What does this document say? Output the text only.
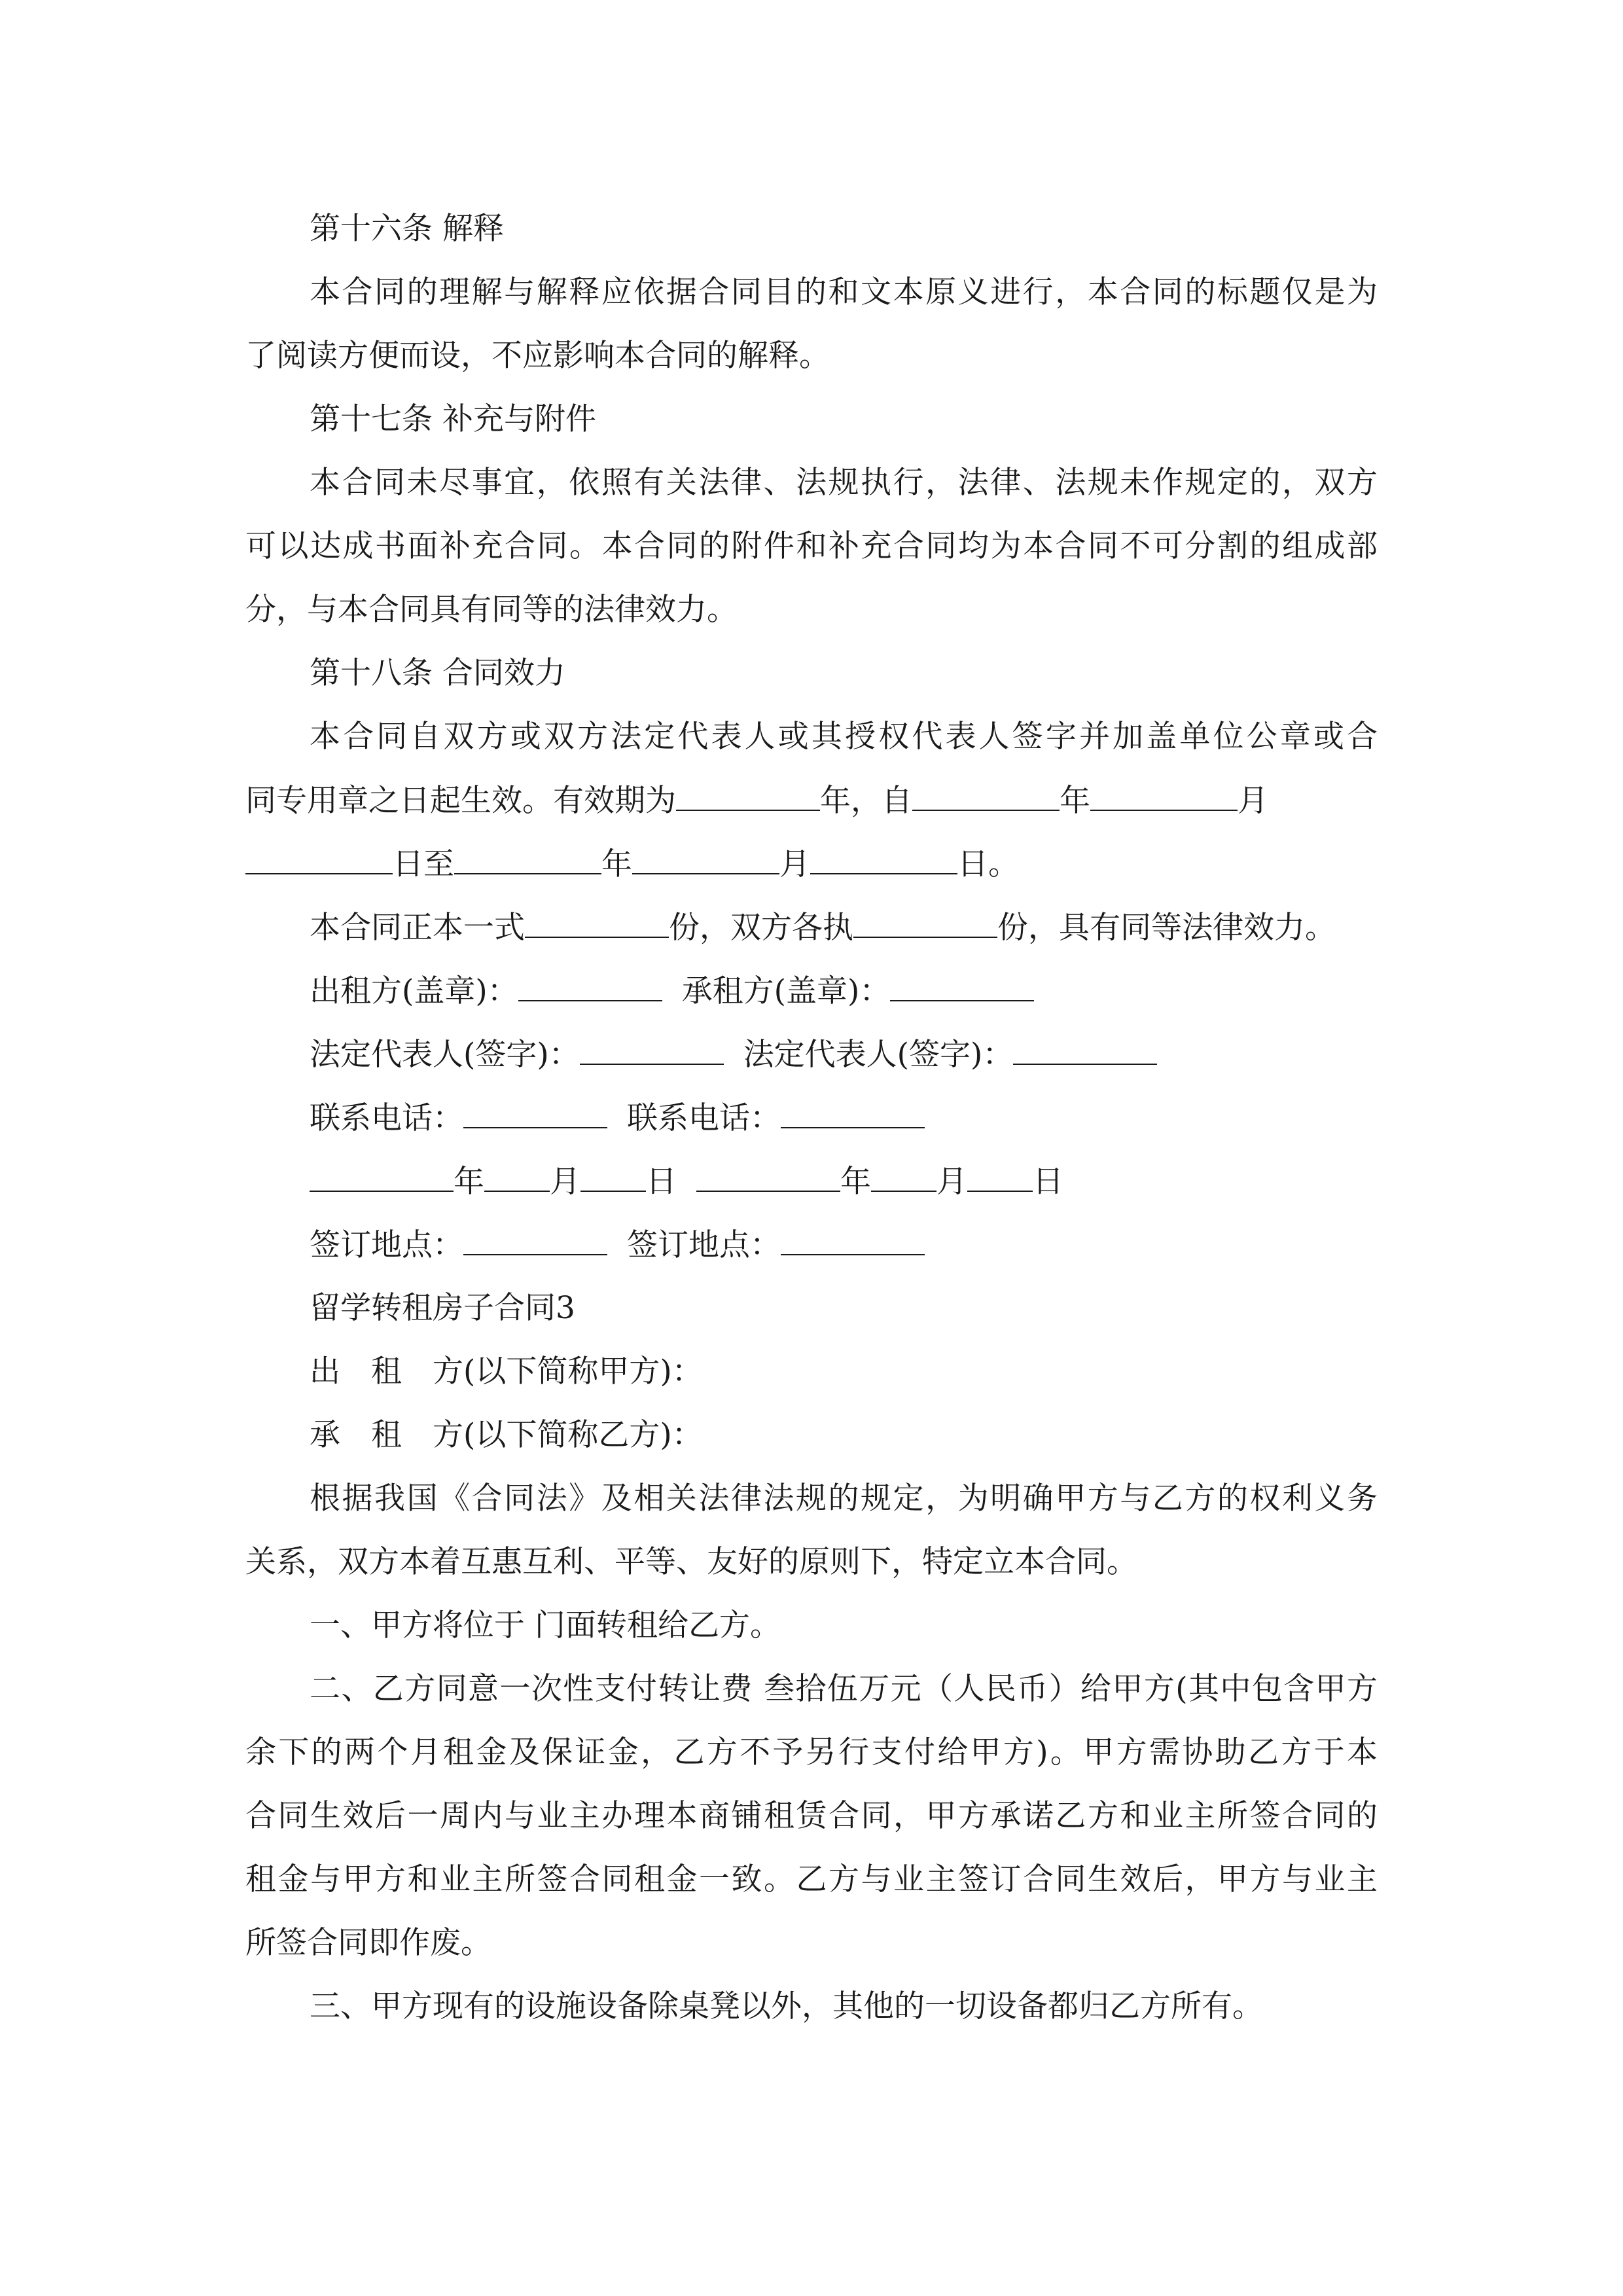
第十六条 解释
本合同的理解与解释应依据合同目的和文本原义进行，本合同的标题仅是为
了阅读方便而设，不应影响本合同的解释。
第十七条 补充与附件
本合同未尽事宜，依照有关法律、法规执行，法律、法规未作规定的，双方
可以达成书面补充合同。本合同的附件和补充合同均为本合同不可分割的组成部
分，与本合同具有同等的法律效力。
第十八条 合同效力
本合同自双方或双方法定代表人或其授权代表人签字并加盖单位公章或合
同专用章之日起生效。有效期为	年，自	年	月
日至	年	月	日。
本合同正本一式	份，双方各执	份，具有同等法律效力。
出租方(盖章)：	承租方(盖章)：
法定代表人(签字)：	法定代表人(签字)：
联系电话：	联系电话：
年 月 日	年 月 日
签订地点：	签订地点：
留学转租房子合同3
出　租　方(以下简称甲方)：
承　租　方(以下简称乙方)：
根据我国《合同法》及相关法律法规的规定，为明确甲方与乙方的权利义务
关系，双方本着互惠互利、平等、友好的原则下，特定立本合同。
一、甲方将位于 门面转租给乙方。
二、乙方同意一次性支付转让费 叁拾伍万元（人民币）给甲方(其中包含甲方
余下的两个月租金及保证金，乙方不予另行支付给甲方)。甲方需协助乙方于本
合同生效后一周内与业主办理本商铺租赁合同，甲方承诺乙方和业主所签合同的
租金与甲方和业主所签合同租金一致。乙方与业主签订合同生效后，甲方与业主
所签合同即作废。
三、甲方现有的设施设备除桌凳以外，其他的一切设备都归乙方所有。
